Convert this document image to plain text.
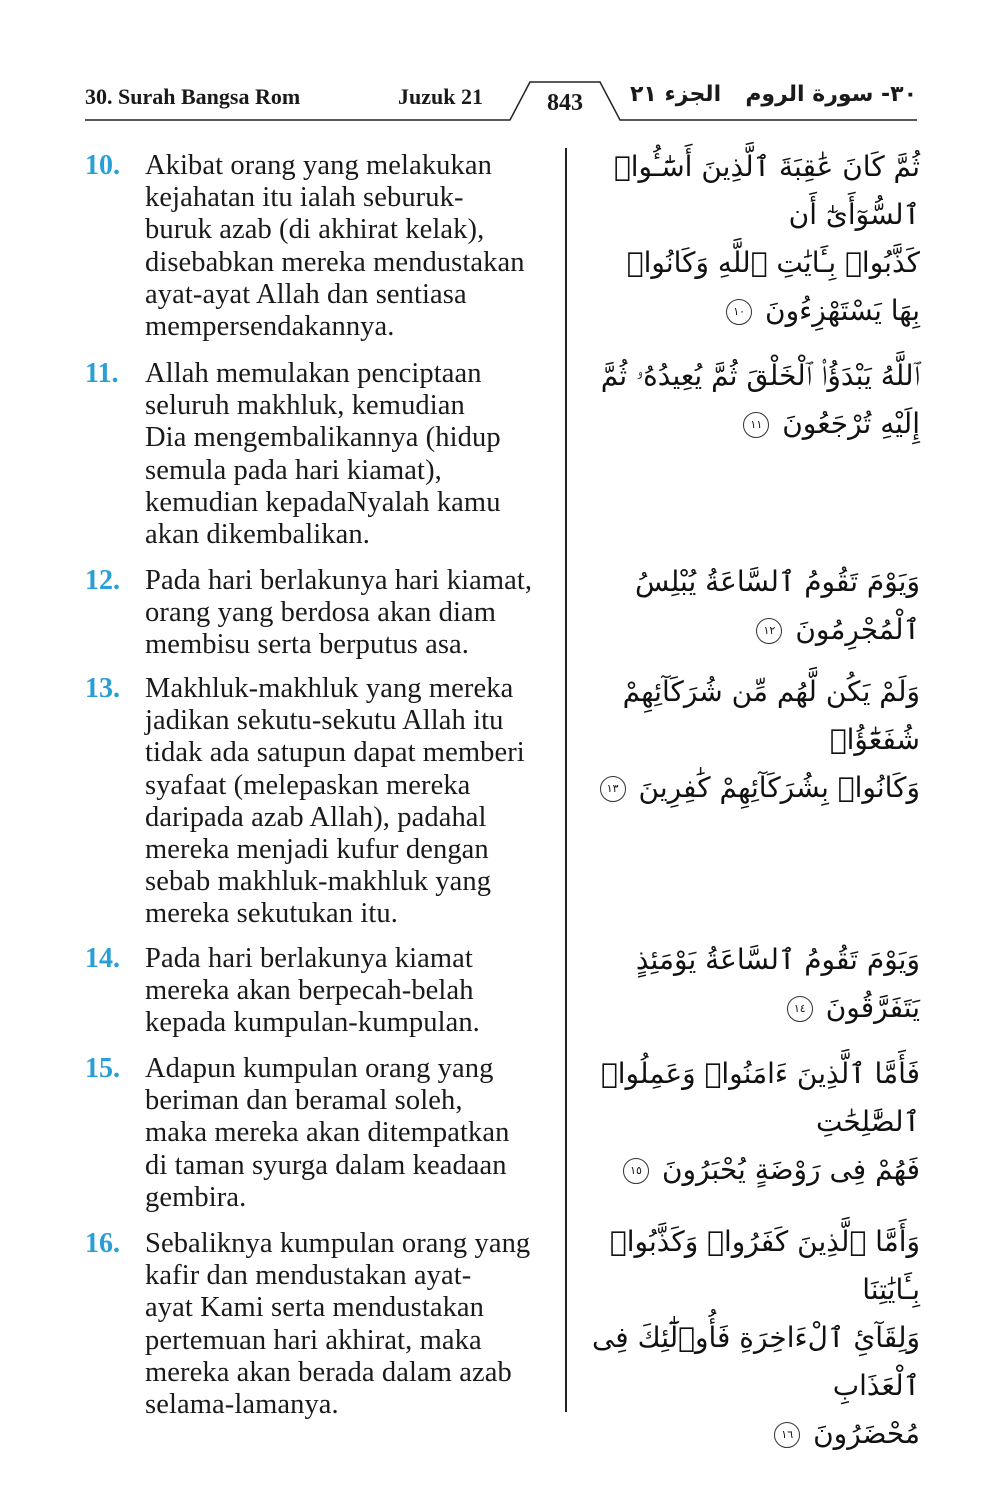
30. Surah Bangsa Rom	Juzuk 21	843	الجزء ٢١ ٣٠- سورة الروم
10. Akibat orang yang melakukan
kejahatan itu ialah seburuk-
buruk azab (di akhirat kelak),
disebabkan mereka mendustakan
ayat-ayat Allah dan sentiasa
mempersendakannya.
ثُمَّ كَانَ عَٰقِبَةَ ٱلَّذِينَ أَسَٰٓـُٔوا۟ ٱلسُّوٓأَىٰٓ أَن
كَذَّبُوا۟ بِـَٔايَٰتِ ٱللَّهِ وَكَانُوا۟ بِهَا يَسْتَهْزِءُونَ ١٠
11. Allah memulakan penciptaan
seluruh makhluk, kemudian
Dia mengembalikannya (hidup
semula pada hari kiamat),
kemudian kepadaNyalah kamu
akan dikembalikan.
ٱللَّهُ يَبْدَؤُا۟ ٱلْخَلْقَ ثُمَّ يُعِيدُهُۥ ثُمَّ إِلَيْهِ تُرْجَعُونَ ١١
12. Pada hari berlakunya hari kiamat,
orang yang berdosa akan diam
membisu serta berputus asa.
وَيَوْمَ تَقُومُ ٱلسَّاعَةُ يُبْلِسُ ٱلْمُجْرِمُونَ ١٢
13. Makhluk-makhluk yang mereka
jadikan sekutu-sekutu Allah itu
tidak ada satupun dapat memberi
syafaat (melepaskan mereka
daripada azab Allah), padahal
mereka menjadi kufur dengan
sebab makhluk-makhluk yang
mereka sekutukan itu.
وَلَمْ يَكُن لَّهُم مِّن شُرَكَآئِهِمْ شُفَعَٰٓؤُا۟
وَكَانُوا۟ بِشُرَكَآئِهِمْ كَٰفِرِينَ ١٣
14. Pada hari berlakunya kiamat
mereka akan berpecah-belah
kepada kumpulan-kumpulan.
وَيَوْمَ تَقُومُ ٱلسَّاعَةُ يَوْمَئِذٍ يَتَفَرَّقُونَ ١٤
15. Adapun kumpulan orang yang
beriman dan beramal soleh,
maka mereka akan ditempatkan
di taman syurga dalam keadaan
gembira.
فَأَمَّا ٱلَّذِينَ ءَامَنُوا۟ وَعَمِلُوا۟ ٱلصَّٰلِحَٰتِ
فَهُمْ فِى رَوْضَةٍ يُحْبَرُونَ ١٥
16. Sebaliknya kumpulan orang yang
kafir dan mendustakan ayat-
ayat Kami serta mendustakan
pertemuan hari akhirat, maka
mereka akan berada dalam azab
selama-lamanya.
وَأَمَّا ٱلَّذِينَ كَفَرُوا۟ وَكَذَّبُوا۟ بِـَٔايَٰتِنَا
وَلِقَآئِ ٱلْءَاخِرَةِ فَأُو۟لَٰٓئِكَ فِى ٱلْعَذَابِ
مُحْضَرُونَ ١٦
